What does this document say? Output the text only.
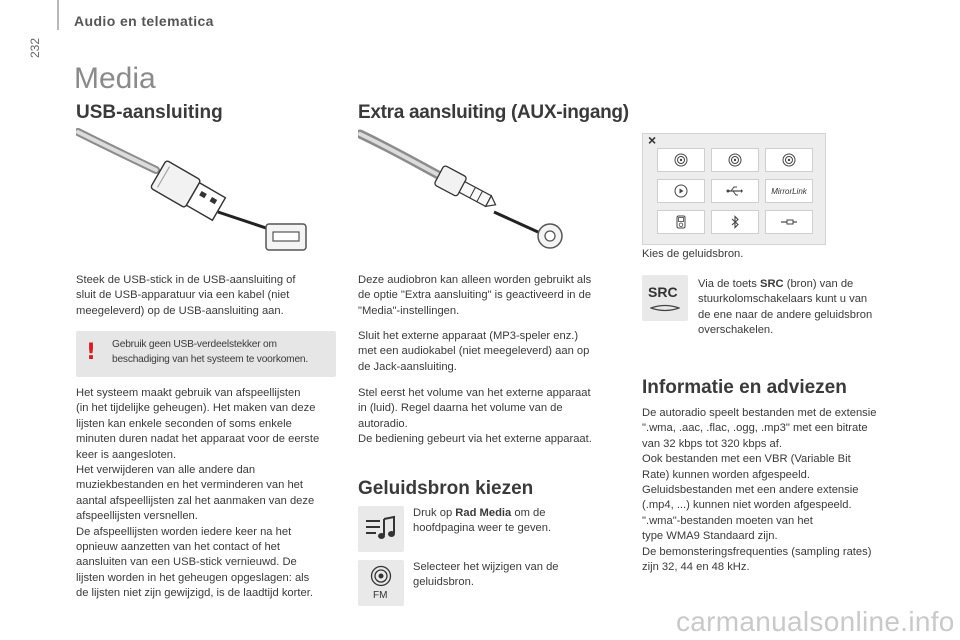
Audio en telematica
232
Media
USB-aansluiting	Extra aansluiting (AUX-ingang)
Geluidsbron kiezen
Informatie en adviezen
×
MirrorLink
Kies de geluidsbron.
SRC Via de toets SRC (bron) van de
stuurkolomschakelaars kunt u van
de ene naar de andere geluidsbron
overschakelen.
Steek de USB-stick in de USB-aansluiting of
sluit de USB-apparatuur via een kabel (niet
meegeleverd) op de USB-aansluiting aan.
! Gebruik geen USB-verdeelstekker om
beschadiging van het systeem te voorkomen.
Het systeem maakt gebruik van afspeellijsten
(in het tijdelijke geheugen). Het maken van deze
lijsten kan enkele seconden of soms enkele
minuten duren nadat het apparaat voor de eerste
keer is aangesloten.
Het verwijderen van alle andere dan
muziekbestanden en het verminderen van het
aantal afspeellijsten zal het aanmaken van deze
afspeellijsten versnellen.
De afspeellijsten worden iedere keer na het
opnieuw aanzetten van het contact of het
aansluiten van een USB-stick vernieuwd. De
lijsten worden in het geheugen opgeslagen: als
de lijsten niet zijn gewijzigd, is de laadtijd korter.
Deze audiobron kan alleen worden gebruikt als
de optie "Extra aansluiting" is geactiveerd in de
"Media"-instellingen.
Sluit het externe apparaat (MP3-speler enz.)
met een audiokabel (niet meegeleverd) aan op
de Jack-aansluiting.
Stel eerst het volume van het externe apparaat
in (luid). Regel daarna het volume van de
autoradio.
De bediening gebeurt via het externe apparaat.
Druk op Rad Media om de
hoofdpagina weer te geven.
FM
Selecteer het wijzigen van de
geluidsbron.
De autoradio speelt bestanden met de extensie
".wma, .aac, .flac, .ogg, .mp3" met een bitrate
van 32 kbps tot 320 kbps af.
Ook bestanden met een VBR (Variable Bit
Rate) kunnen worden afgespeeld.
Geluidsbestanden met een andere extensie
(.mp4, ...) kunnen niet worden afgespeeld.
".wma"-bestanden moeten van het
type WMA9 Standaard zijn.
De bemonsteringsfrequenties (sampling rates)
zijn 32, 44 en 48 kHz.
carmanualsonline.info
